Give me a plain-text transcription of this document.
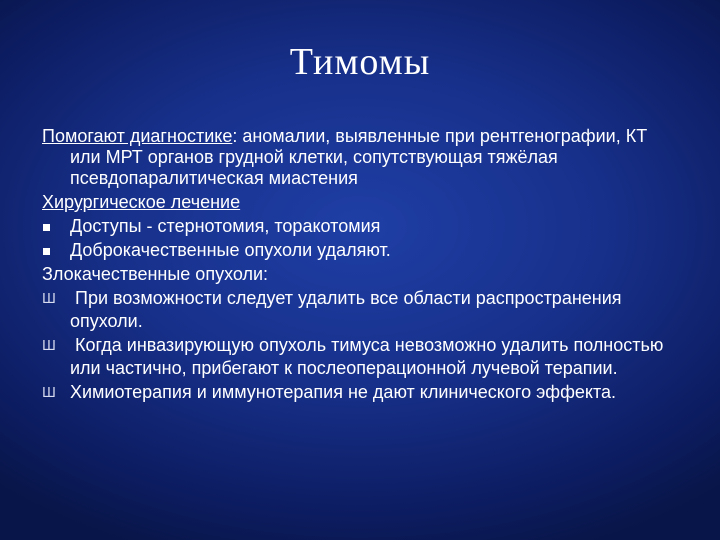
Тимомы

Помогают диагностике: аномалии, выявленные при рентгенографии, КТ или МРТ органов грудной клетки, сопутствующая тяжёлая псевдопаралитическая миастения

Хирургическое лечение

Доступы - стернотомия, торакотомия

Доброкачественные опухоли удаляют.

Злокачественные опухоли:

Ш При возможности следует удалить все области распространения опухоли.

Ш Когда инвазирующую опухоль тимуса невозможно удалить полностью или частично, прибегают к послеоперационной лучевой терапии.

Ш Химиотерапия и иммунотерапия не дают клинического эффекта.
